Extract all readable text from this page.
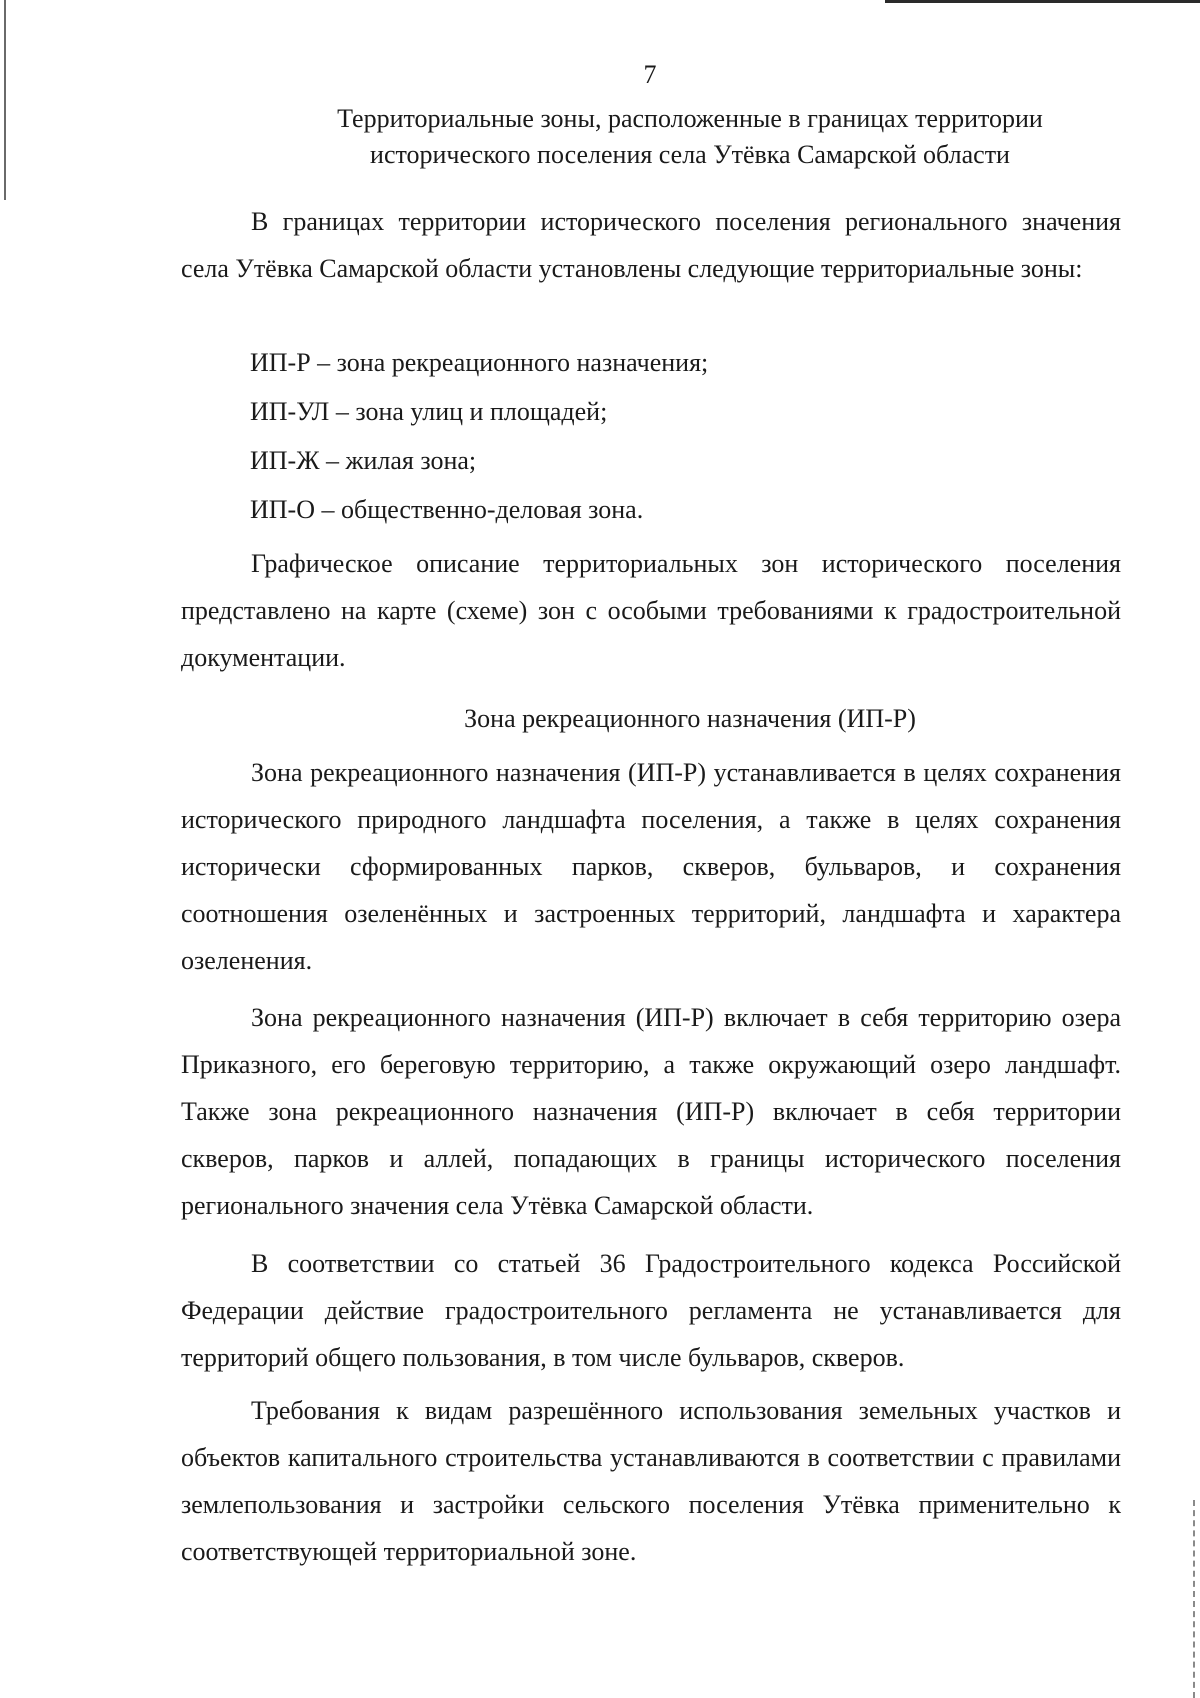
7
Территориальные зоны, расположенные в границах территории исторического поселения села Утёвка Самарской области
В границах территории исторического поселения регионального значения села Утёвка Самарской области установлены следующие территориальные зоны:
ИП-Р – зона рекреационного назначения;
ИП-УЛ – зона улиц и площадей;
ИП-Ж – жилая зона;
ИП-О – общественно-деловая зона.
Графическое описание территориальных зон исторического поселения представлено на карте (схеме) зон с особыми требованиями к градостроительной документации.
Зона рекреационного назначения (ИП-Р)
Зона рекреационного назначения (ИП-Р) устанавливается в целях сохранения исторического природного ландшафта поселения, а также в целях сохранения исторически сформированных парков, скверов, бульваров, и сохранения соотношения озеленённых и застроенных территорий, ландшафта и характера озеленения.
Зона рекреационного назначения (ИП-Р) включает в себя территорию озера Приказного, его береговую территорию, а также окружающий озеро ландшафт. Также зона рекреационного назначения (ИП-Р) включает в себя территории скверов, парков и аллей, попадающих в границы исторического поселения регионального значения села Утёвка Самарской области.
В соответствии со статьей 36 Градостроительного кодекса Российской Федерации действие градостроительного регламента не устанавливается для территорий общего пользования, в том числе бульваров, скверов.
Требования к видам разрешённого использования земельных участков и объектов капитального строительства устанавливаются в соответствии с правилами землепользования и застройки сельского поселения Утёвка применительно к соответствующей территориальной зоне.
